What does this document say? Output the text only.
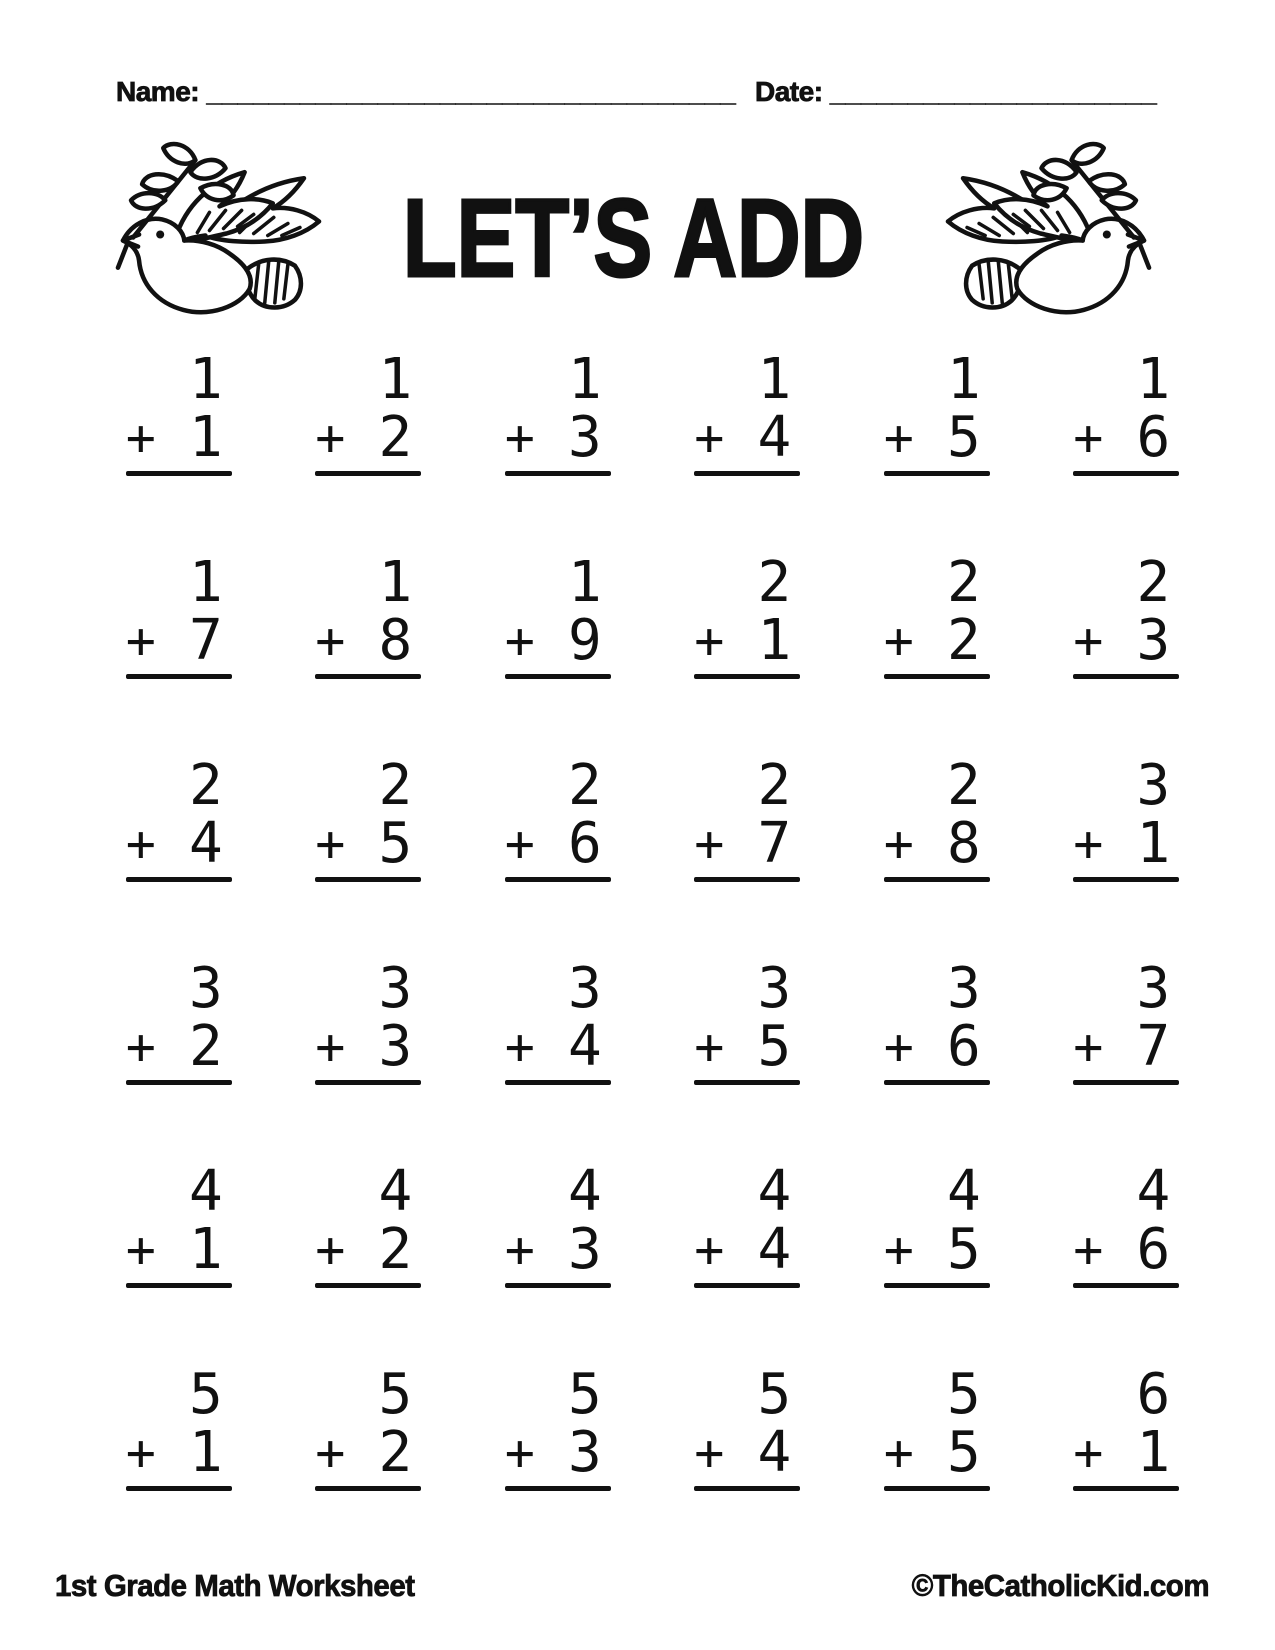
Name: __________________________________ Date: _____________________
LET’S ADD
1
+ 1
1
+ 2
1
+ 3
1
+ 4
1
+ 5
1
+ 6
1
+ 7
1
+ 8
1
+ 9
2
+ 1
2
+ 2
2
+ 3
2
+ 4
2
+ 5
2
+ 6
2
+ 7
2
+ 8
3
+ 1
3
+ 2
3
+ 3
3
+ 4
3
+ 5
3
+ 6
3
+ 7
4
+ 1
4
+ 2
4
+ 3
4
+ 4
4
+ 5
4
+ 6
5
+ 1
5
+ 2
5
+ 3
5
+ 4
5
+ 5
6
+ 1
1st Grade Math Worksheet	©TheCatholicKid.com
